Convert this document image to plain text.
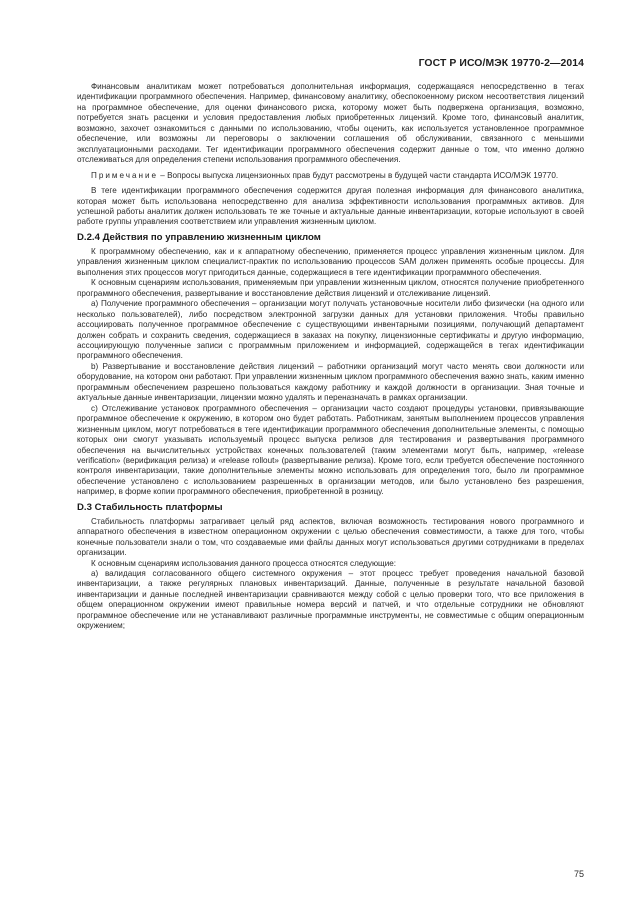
ГОСТ Р ИСО/МЭК 19770-2—2014

Финансовым аналитикам может потребоваться дополнительная информация, содержащаяся непосредственно в тегах идентификации программного обеспечения. Например, финансовому аналитику, обеспокоенному риском несоответствия лицензий на программное обеспечение, для оценки финансового риска, которому может быть подвержена организация, возможно, потребуется знать расценки и условия предоставления любых приобретенных лицензий. Кроме того, финансовый аналитик, возможно, захочет ознакомиться с данными по использованию, чтобы оценить, как используется установленное программное обеспечение, или возможны ли переговоры о заключении соглашения об обслуживании, связанного с меньшими эксплуатационными расходами. Тег идентификации программного обеспечения содержит данные о том, что именно должно отслеживаться для определения степени использования программного обеспечения.

Примечание – Вопросы выпуска лицензионных прав будут рассмотрены в будущей части стандарта ИСО/МЭК 19770.

В теге идентификации программного обеспечения содержится другая полезная информация для финансового аналитика, которая может быть использована непосредственно для анализа эффективности использования программных активов. Для успешной работы аналитик должен использовать те же точные и актуальные данные инвентаризации, которые используют в своей работе группы управления соответствием или управления жизненным циклом.

D.2.4 Действия по управлению жизненным циклом

К программному обеспечению, как и к аппаратному обеспечению, применяется процесс управления жизненным циклом. Для управления жизненным циклом специалист-практик по использованию процессов SAM должен применять особые процессы. Для выполнения этих процессов могут пригодиться данные, содержащиеся в теге идентификации программного обеспечения.

К основным сценариям использования, применяемым при управлении жизненным циклом, относятся получение приобретенного программного обеспечения, развертывание и восстановление действия лицензий и отслеживание лицензий.

a) Получение программного обеспечения – организации могут получать установочные носители либо физически (на одного или несколько пользователей), либо посредством электронной загрузки данных для установки приложения. Чтобы правильно ассоциировать полученное программное обеспечение с существующими инвентарными позициями, получающий департамент должен собрать и сохранить сведения, содержащиеся в заказах на покупку, лицензионные сертификаты и другую информацию, ассоциирующую полученные записи с программным приложением и информацией, содержащейся в тегах идентификации программного обеспечения.

b) Развертывание и восстановление действия лицензий – работники организаций могут часто менять свои должности или оборудование, на котором они работают. При управлении жизненным циклом программного обеспечения важно знать, каким именно программным обеспечением разрешено пользоваться каждому работнику и каждой должности в организации. Зная точные и актуальные данные инвентаризации, лицензии можно удалять и переназначать в рамках организации.

c) Отслеживание установок программного обеспечения – организации часто создают процедуры установки, привязывающие программное обеспечение к окружению, в котором оно будет работать. Работникам, занятым выполнением процессов управления жизненным циклом, могут потребоваться в теге идентификации программного обеспечения дополнительные элементы, с помощью которых они смогут указывать используемый процесс выпуска релизов для тестирования и развертывания программного обеспечения на вычислительных устройствах конечных пользователей (таким элементами могут быть, например, «release verification» (верификация релиза) и «release rollout» (развертывание релиза). Кроме того, если требуется обеспечение постоянного контроля инвентаризации, такие дополнительные элементы можно использовать для определения того, было ли программное обеспечение установлено с использованием разрешенных в организации методов, или было установлено без разрешения, например, в форме копии программного обеспечения, приобретенной в розницу.

D.3 Стабильность платформы

Стабильность платформы затрагивает целый ряд аспектов, включая возможность тестирования нового программного и аппаратного обеспечения в известном операционном окружении с целью обеспечения совместимости, а также для того, чтобы конечные пользователи знали о том, что создаваемые ими файлы данных могут использоваться другими сотрудниками в пределах организации.

К основным сценариям использования данного процесса относятся следующие:

a) валидация согласованного общего системного окружения – этот процесс требует проведения начальной базовой инвентаризации, а также регулярных плановых инвентаризаций. Данные, полученные в результате начальной базовой инвентаризации и данные последней инвентаризации сравниваются между собой с целью проверки того, что все приложения в общем операционном окружении имеют правильные номера версий и патчей, и что отдельные сотрудники не обновляют программное обеспечение или не устанавливают различные программные инструменты, не совместимые с общим операционным окружением;

75
